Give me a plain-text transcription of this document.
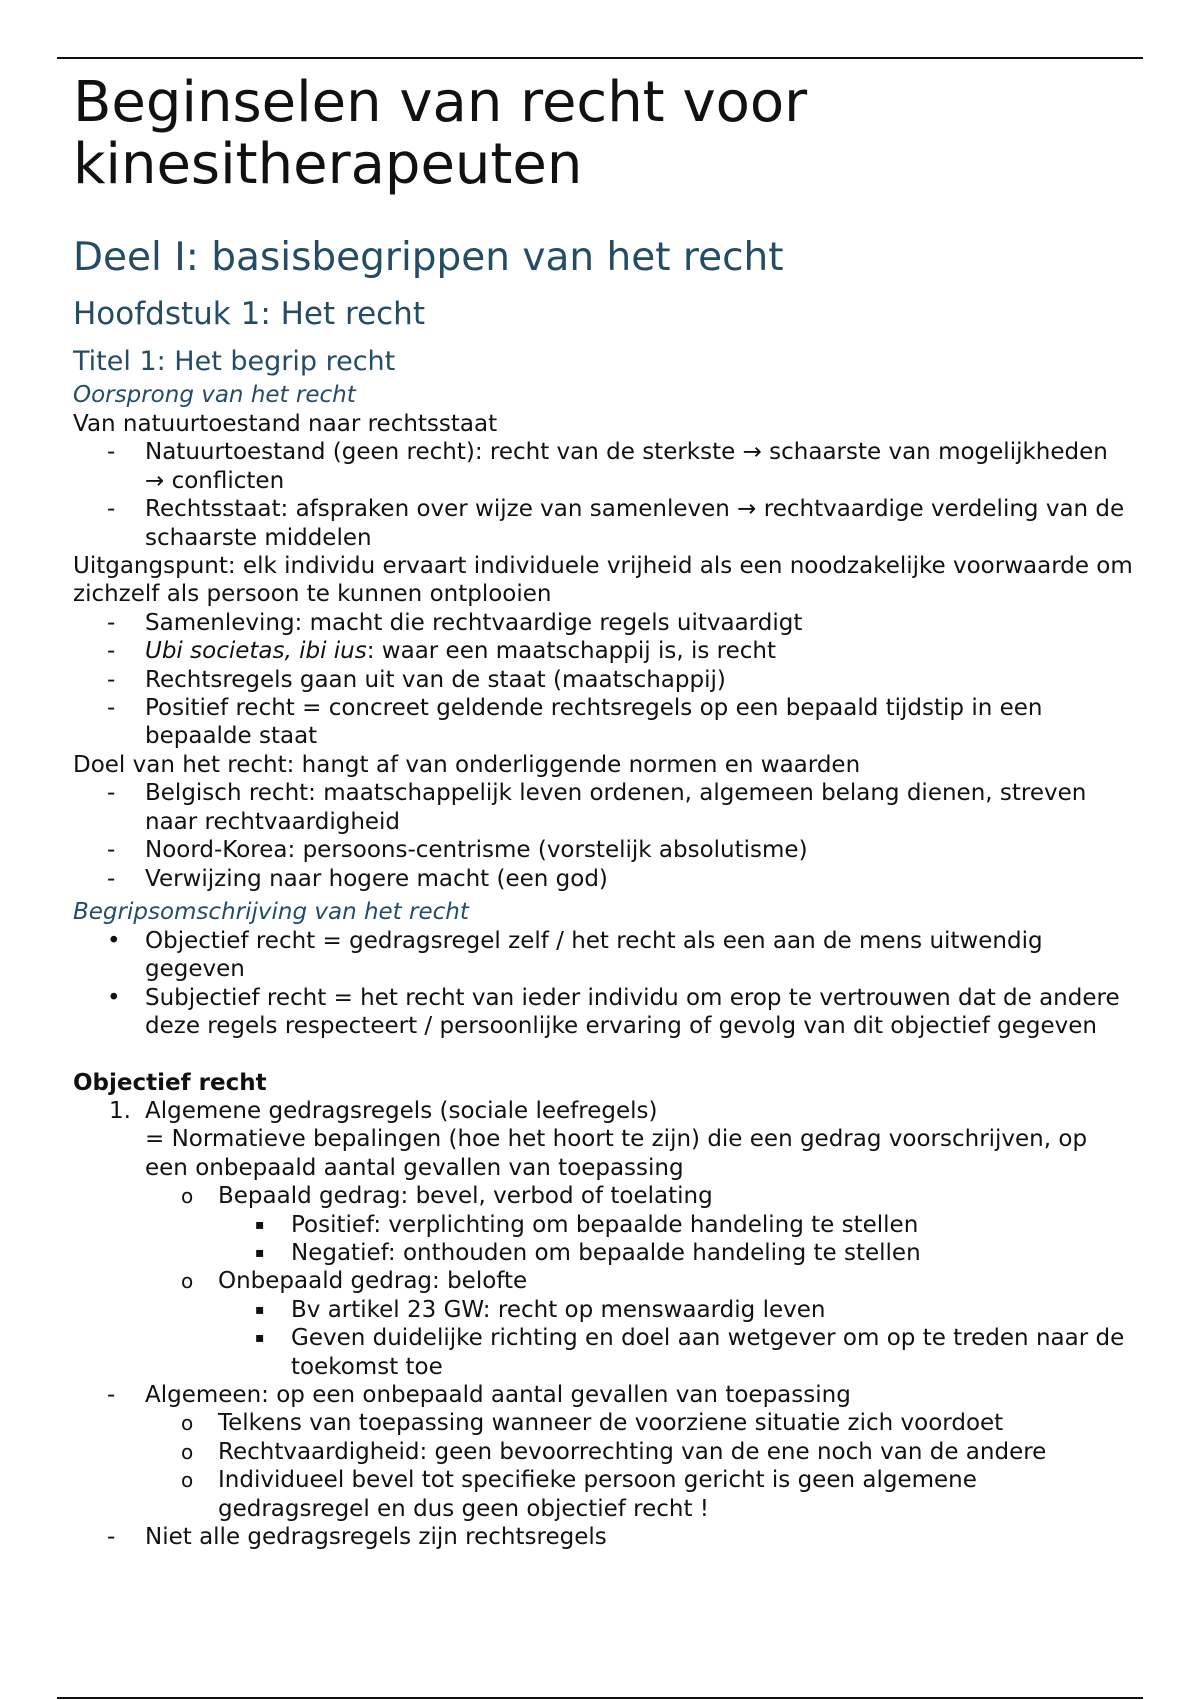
Beginselen van recht voor kinesitherapeuten
Deel I: basisbegrippen van het recht
Hoofdstuk 1: Het recht
Titel 1: Het begrip recht

Oorsprong van het recht

Van natuurtoestand naar rechtsstaat

-	Natuurtoestand (geen recht): recht van de sterkste → schaarste van mogelijkheden → conflicten
-	Rechtsstaat: afspraken over wijze van samenleven → rechtvaardige verdeling van de schaarste middelen

Uitgangspunt: elk individu ervaart individuele vrijheid als een noodzakelijke voorwaarde om zichzelf als persoon te kunnen ontplooien

-	Samenleving: macht die rechtvaardige regels uitvaardigt
-	Ubi societas, ibi ius: waar een maatschappij is, is recht
-	Rechtsregels gaan uit van de staat (maatschappij)
-	Positief recht = concreet geldende rechtsregels op een bepaald tijdstip in een bepaalde staat

Doel van het recht: hangt af van onderliggende normen en waarden

-	Belgisch recht: maatschappelijk leven ordenen, algemeen belang dienen, streven naar rechtvaardigheid
-	Noord-Korea: persoons-centrisme (vorstelijk absolutisme)
-	Verwijzing naar hogere macht (een god)

Begripsomschrijving van het recht

•	Objectief recht = gedragsregel zelf / het recht als een aan de mens uitwendig gegeven
•	Subjectief recht = het recht van ieder individu om erop te vertrouwen dat de andere deze regels respecteert / persoonlijke ervaring of gevolg van dit objectief gegeven

Objectief recht

1. Algemene gedragsregels (sociale leefregels)
= Normatieve bepalingen (hoe het hoort te zijn) die een gedrag voorschrijven, op een onbepaald aantal gevallen van toepassing
o	Bepaald gedrag: bevel, verbod of toelating
▪	Positief: verplichting om bepaalde handeling te stellen
▪	Negatief: onthouden om bepaalde handeling te stellen
o	Onbepaald gedrag: belofte
▪	Bv artikel 23 GW: recht op menswaardig leven
▪	Geven duidelijke richting en doel aan wetgever om op te treden naar de toekomst toe
-	Algemeen: op een onbepaald aantal gevallen van toepassing
o	Telkens van toepassing wanneer de voorziene situatie zich voordoet
o	Rechtvaardigheid: geen bevoorrechting van de ene noch van de andere
o	Individueel bevel tot specifieke persoon gericht is geen algemene gedragsregel en dus geen objectief recht !
-	Niet alle gedragsregels zijn rechtsregels
